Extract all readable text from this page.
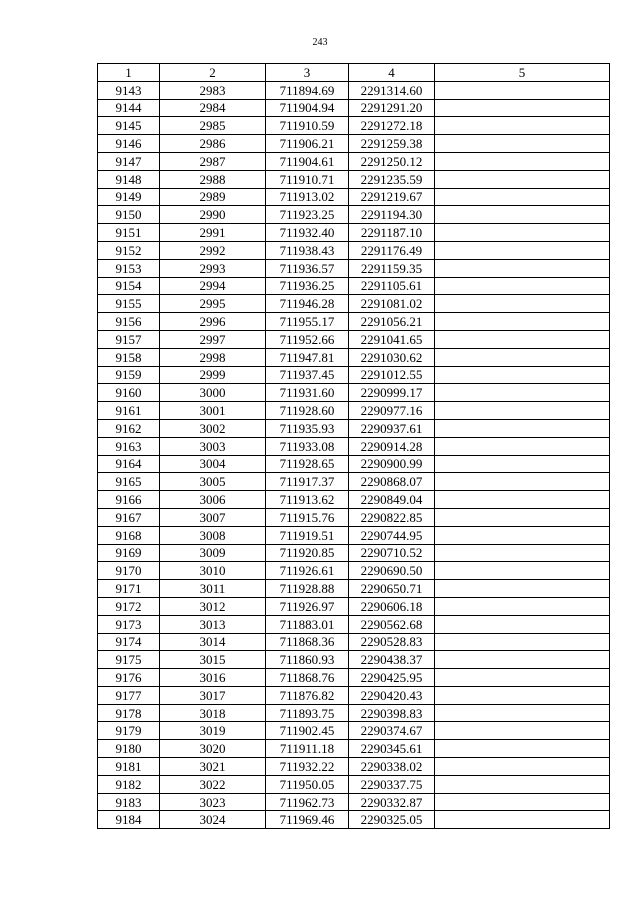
243
1	2	3	4	5
9143	2983	711894.69	2291314.60	
9144	2984	711904.94	2291291.20	
9145	2985	711910.59	2291272.18	
9146	2986	711906.21	2291259.38	
9147	2987	711904.61	2291250.12	
9148	2988	711910.71	2291235.59	
9149	2989	711913.02	2291219.67	
9150	2990	711923.25	2291194.30	
9151	2991	711932.40	2291187.10	
9152	2992	711938.43	2291176.49	
9153	2993	711936.57	2291159.35	
9154	2994	711936.25	2291105.61	
9155	2995	711946.28	2291081.02	
9156	2996	711955.17	2291056.21	
9157	2997	711952.66	2291041.65	
9158	2998	711947.81	2291030.62	
9159	2999	711937.45	2291012.55	
9160	3000	711931.60	2290999.17	
9161	3001	711928.60	2290977.16	
9162	3002	711935.93	2290937.61	
9163	3003	711933.08	2290914.28	
9164	3004	711928.65	2290900.99	
9165	3005	711917.37	2290868.07	
9166	3006	711913.62	2290849.04	
9167	3007	711915.76	2290822.85	
9168	3008	711919.51	2290744.95	
9169	3009	711920.85	2290710.52	
9170	3010	711926.61	2290690.50	
9171	3011	711928.88	2290650.71	
9172	3012	711926.97	2290606.18	
9173	3013	711883.01	2290562.68	
9174	3014	711868.36	2290528.83	
9175	3015	711860.93	2290438.37	
9176	3016	711868.76	2290425.95	
9177	3017	711876.82	2290420.43	
9178	3018	711893.75	2290398.83	
9179	3019	711902.45	2290374.67	
9180	3020	711911.18	2290345.61	
9181	3021	711932.22	2290338.02	
9182	3022	711950.05	2290337.75	
9183	3023	711962.73	2290332.87	
9184	3024	711969.46	2290325.05	
